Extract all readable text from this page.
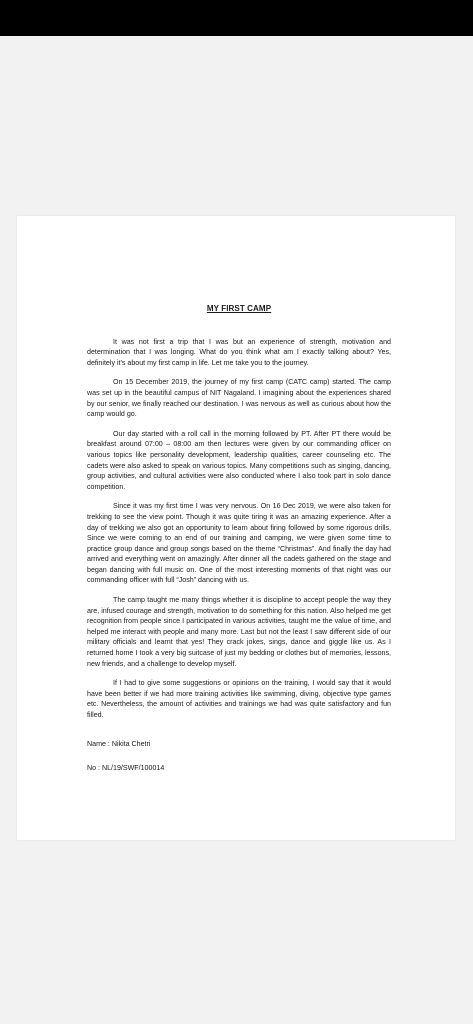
MY FIRST CAMP

It was not first a trip that I was but an experience of strength, motivation and determination that I was longing. What do you think what am I exactly talking about? Yes, definitely it's about my first camp in life. Let me take you to the journey.

On 15 December 2019, the journey of my first camp (CATC camp) started. The camp was set up in the beautiful campus of NIT Nagaland. I imagining about the experiences shared by our senior, we finally reached our destination. I was nervous as well as curious about how the camp would go.

Our day started with a roll call in the morning followed by PT. After PT there would be breakfast around 07:00 – 08:00 am then lectures were given by our commanding officer on various topics like personality development, leadership qualities, career counseling etc. The cadets were also asked to speak on various topics. Many competitions such as singing, dancing, group activities, and cultural activities were also conducted where I also took part in solo dance competition.

Since it was my first time I was very nervous. On 16 Dec 2019, we were also taken for trekking to see the view point. Though it was quite tiring it was an amazing experience. After a day of trekking we also got an opportunity to learn about firing followed by some rigorous drills. Since we were coming to an end of our training and camping, we were given some time to practice group dance and group songs based on the theme “Christmas”. And finally the day had arrived and everything went on amazingly. After dinner all the cadets gathered on the stage and began dancing with full music on. One of the most interesting moments of that night was our commanding officer with full “Josh” dancing with us.

The camp taught me many things whether it is discipline to accept people the way they are, infused courage and strength, motivation to do something for this nation. Also helped me get recognition from people since I participated in various activities, taught me the value of time, and helped me interact with people and many more. Last but not the least I saw different side of our military officials and learnt that yes! They crack jokes, sings, dance and giggle like us. As I returned home I took a very big suitcase of just my bedding or clothes but of memories, lessons, new friends, and a challenge to develop myself.

If I had to give some suggestions or opinions on the training, I would say that it would have been better if we had more training activities like swimming, diving, objective type games etc. Nevertheless, the amount of activities and trainings we had was quite satisfactory and fun filled.

Name : Nikita Chetri
No : NL/19/SWF/100014
